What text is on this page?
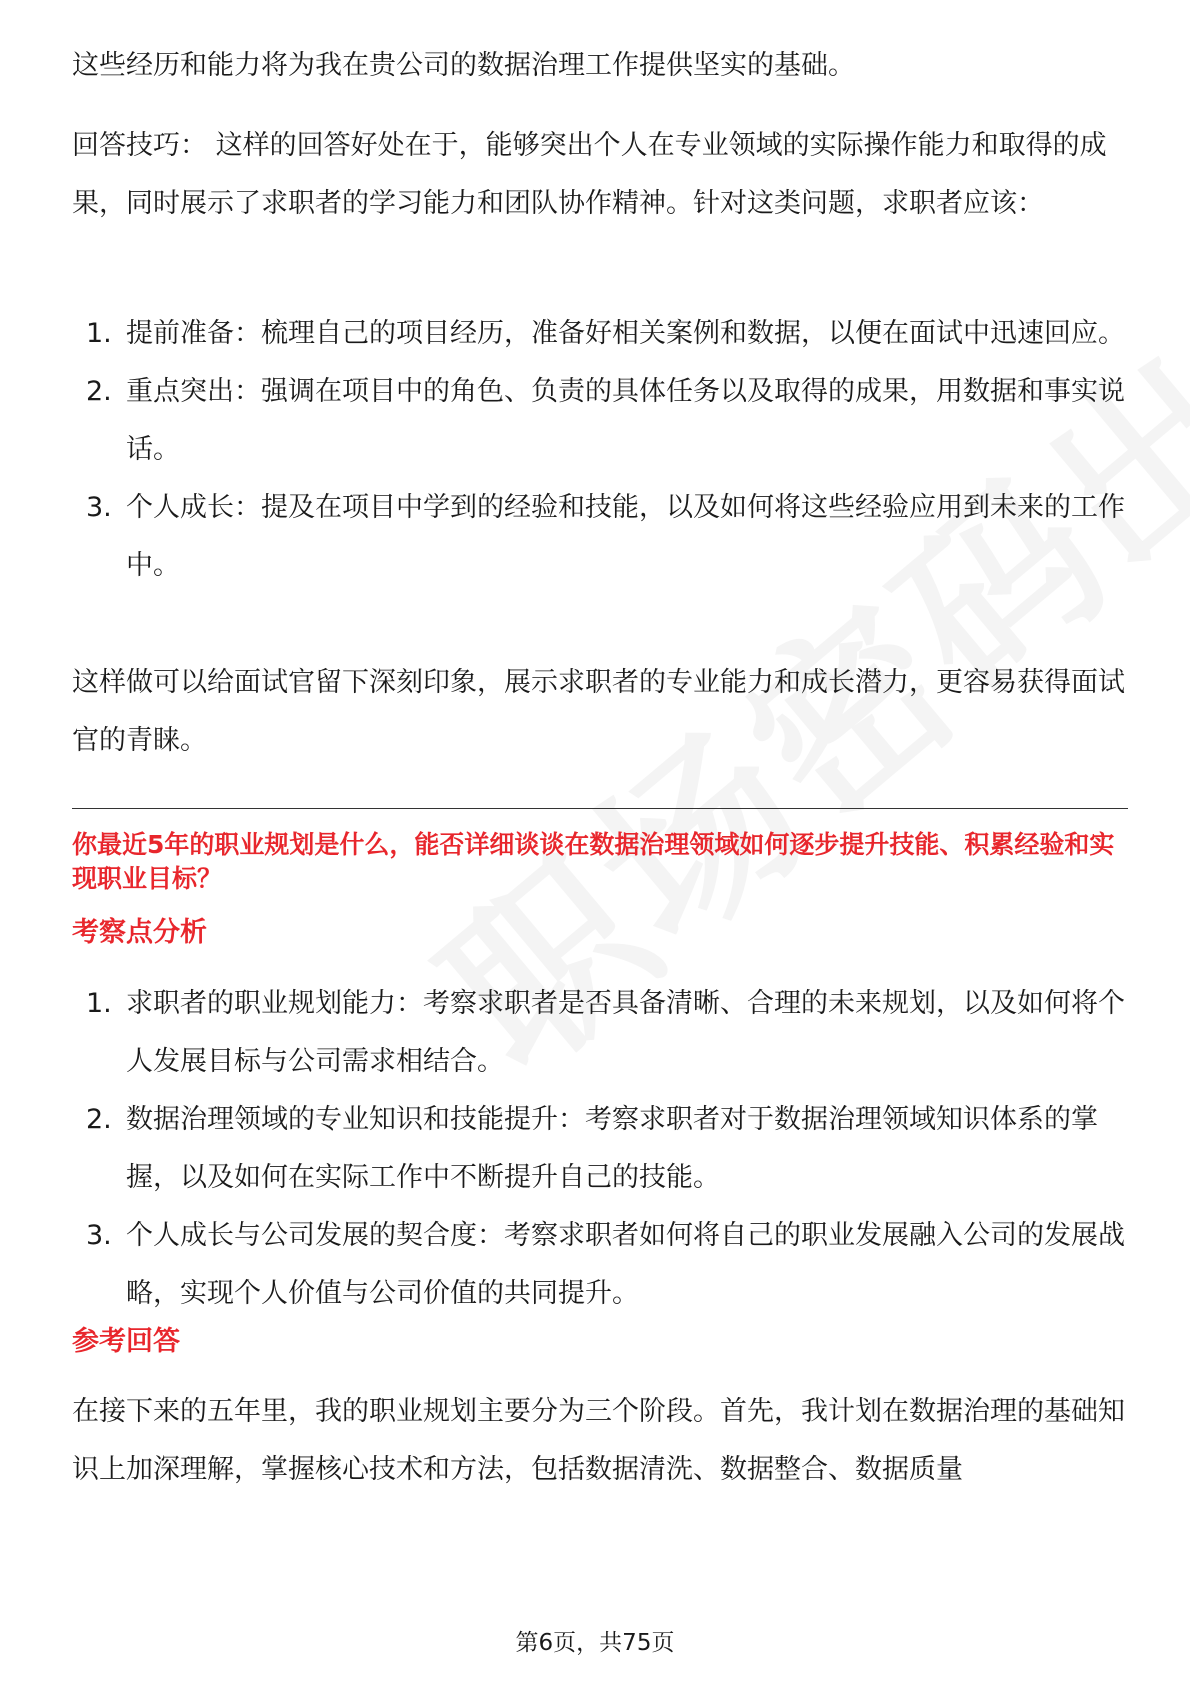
这些经历和能力将为我在贵公司的数据治理工作提供坚实的基础。

回答技巧： 这样的回答好处在于，能够突出个人在专业领域的实际操作能力和取得的成果，同时展示了求职者的学习能力和团队协作精神。针对这类问题，求职者应该：

1. 提前准备：梳理自己的项目经历，准备好相关案例和数据，以便在面试中迅速回应。
2. 重点突出：强调在项目中的角色、负责的具体任务以及取得的成果，用数据和事实说话。
3. 个人成长：提及在项目中学到的经验和技能，以及如何将这些经验应用到未来的工作中。

这样做可以给面试官留下深刻印象，展示求职者的专业能力和成长潜力，更容易获得面试官的青睐。

你最近5年的职业规划是什么，能否详细谈谈在数据治理领域如何逐步提升技能、积累经验和实现职业目标？

考察点分析

1. 求职者的职业规划能力：考察求职者是否具备清晰、合理的未来规划，以及如何将个人发展目标与公司需求相结合。
2. 数据治理领域的专业知识和技能提升：考察求职者对于数据治理领域知识体系的掌握，以及如何在实际工作中不断提升自己的技能。
3. 个人成长与公司发展的契合度：考察求职者如何将自己的职业发展融入公司的发展战略，实现个人价值与公司价值的共同提升。

参考回答

在接下来的五年里，我的职业规划主要分为三个阶段。首先，我计划在数据治理的基础知识上加深理解，掌握核心技术和方法，包括数据清洗、数据整合、数据质量

第6页，共75页
